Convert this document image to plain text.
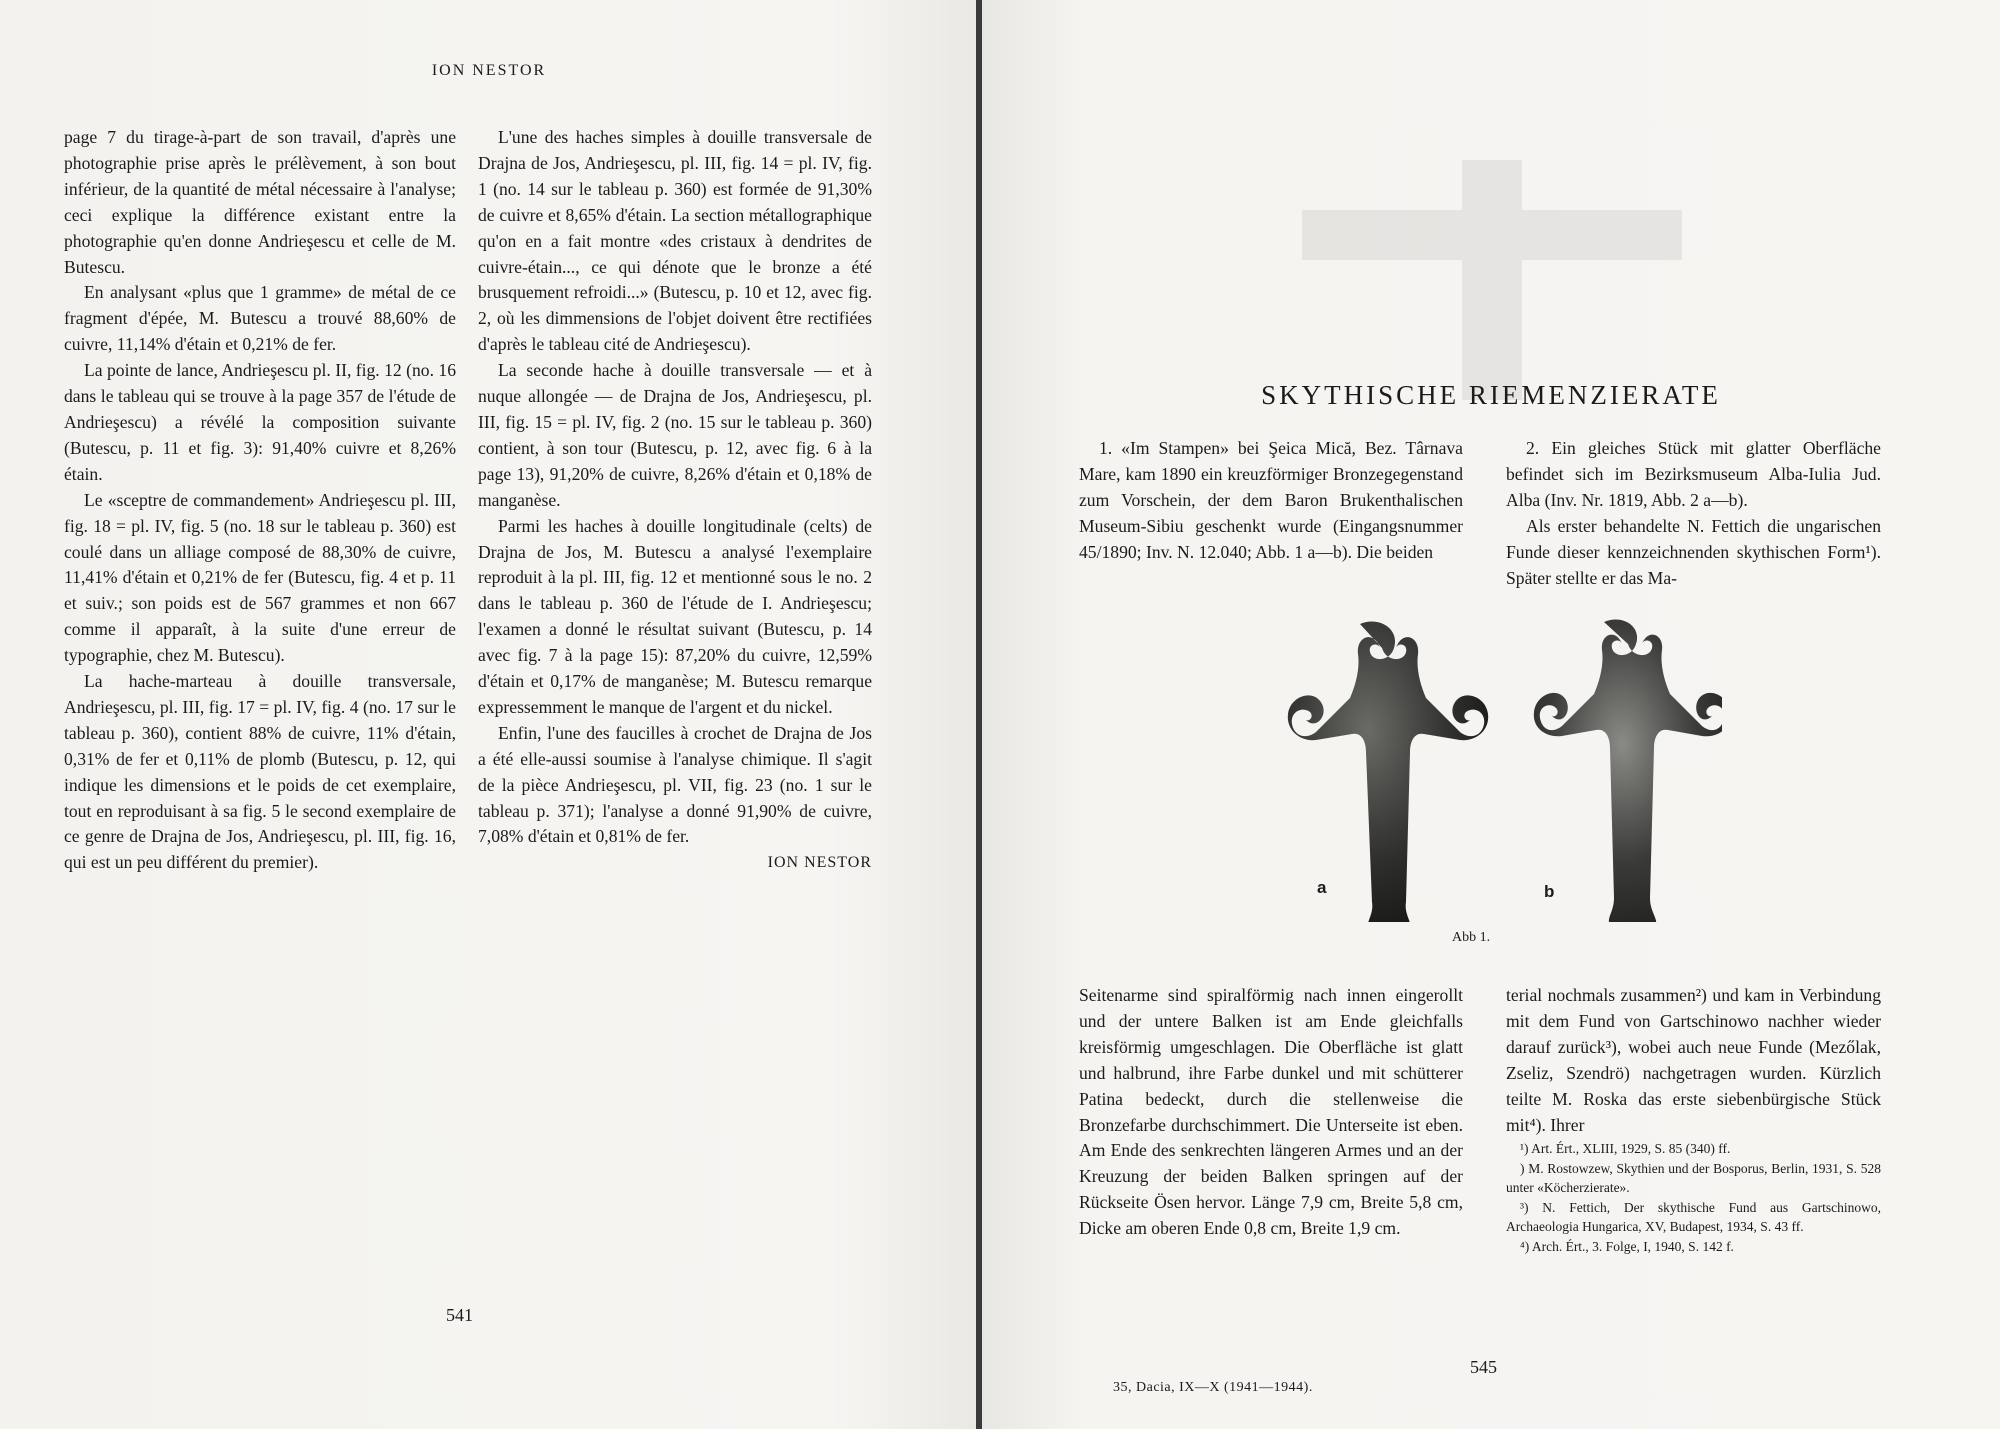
ION NESTOR

page 7 du tirage-à-part de son travail, d'après une photographie prise après le prélèvement, à son bout inférieur, de la quantité de métal nécessaire à l'analyse; ceci explique la différence existant entre la photographie qu'en donne Andrieşescu et celle de M. Butescu.

En analysant «plus que 1 gramme» de métal de ce fragment d'épée, M. Butescu a trouvé 88,60% de cuivre, 11,14% d'étain et 0,21% de fer.

La pointe de lance, Andrieşescu pl. II, fig. 12 (no. 16 dans le tableau qui se trouve à la page 357 de l'étude de Andrieşescu) a révélé la composition suivante (Butescu, p. 11 et fig. 3): 91,40% cuivre et 8,26% étain.

Le «sceptre de commandement» Andrieşescu pl. III, fig. 18 = pl. IV, fig. 5 (no. 18 sur le tableau p. 360) est coulé dans un alliage composé de 88,30% de cuivre, 11,41% d'étain et 0,21% de fer (Butescu, fig. 4 et p. 11 et suiv.; son poids est de 567 grammes et non 667 comme il apparaît, à la suite d'une erreur de typographie, chez M. Butescu).

La hache-marteau à douille transversale, Andrieşescu, pl. III, fig. 17 = pl. IV, fig. 4 (no. 17 sur le tableau p. 360), contient 88% de cuivre, 11% d'étain, 0,31% de fer et 0,11% de plomb (Butescu, p. 12, qui indique les dimensions et le poids de cet exemplaire, tout en reproduisant à sa fig. 5 le second exemplaire de ce genre de Drajna de Jos, Andrieşescu, pl. III, fig. 16, qui est un peu différent du premier).

L'une des haches simples à douille transversale de Drajna de Jos, Andrieşescu, pl. III, fig. 14 = pl. IV, fig. 1 (no. 14 sur le tableau p. 360) est formée de 91,30% de cuivre et 8,65% d'étain. La section métallographique qu'on en a fait montre «des cristaux à dendrites de cuivre-étain..., ce qui dénote que le bronze a été brusquement refroidi...» (Butescu, p. 10 et 12, avec fig. 2, où les dimmensions de l'objet doivent être rectifiées d'après le tableau cité de Andrieşescu).

La seconde hache à douille transversale — et à nuque allongée — de Drajna de Jos, Andrieşescu, pl. III, fig. 15 = pl. IV, fig. 2 (no. 15 sur le tableau p. 360) contient, à son tour (Butescu, p. 12, avec fig. 6 à la page 13), 91,20% de cuivre, 8,26% d'étain et 0,18% de manganèse.

Parmi les haches à douille longitudinale (celts) de Drajna de Jos, M. Butescu a analysé l'exemplaire reproduit à la pl. III, fig. 12 et mentionné sous le no. 2 dans le tableau p. 360 de l'étude de I. Andrieşescu; l'examen a donné le résultat suivant (Butescu, p. 14 avec fig. 7 à la page 15): 87,20% du cuivre, 12,59% d'étain et 0,17% de manganèse; M. Butescu remarque expressemment le manque de l'argent et du nickel.

Enfin, l'une des faucilles à crochet de Drajna de Jos a été elle-aussi soumise à l'analyse chimique. Il s'agit de la pièce Andrieşescu, pl. VII, fig. 23 (no. 1 sur le tableau p. 371); l'analyse a donné 91,90% de cuivre, 7,08% d'étain et 0,81% de fer.

ION NESTOR
541
SKYTHISCHE RIEMENZIERATE

1. «Im Stampen» bei Şeica Mică, Bez. Târnava Mare, kam 1890 ein kreuzförmiger Bronzegegenstand zum Vorschein, der dem Baron Brukenthalischen Museum-Sibiu geschenkt wurde (Eingangsnummer 45/1890; Inv. N. 12.040; Abb. 1 a—b). Die beiden

2. Ein gleiches Stück mit glatter Oberfläche befindet sich im Bezirksmuseum Alba-Iulia Jud. Alba (Inv. Nr. 1819, Abb. 2 a—b).

Als erster behandelte N. Fettich die ungarischen Funde dieser kennzeichnenden skythischen Form¹). Später stellte er das Ma-

a	b
Abb 1.

Seitenarme sind spiralförmig nach innen eingerollt und der untere Balken ist am Ende gleichfalls kreisförmig umgeschlagen. Die Oberfläche ist glatt und halbrund, ihre Farbe dunkel und mit schütterer Patina bedeckt, durch die stellenweise die Bronzefarbe durchschimmert. Die Unterseite ist eben. Am Ende des senkrechten längeren Armes und an der Kreuzung der beiden Balken springen auf der Rückseite Ösen hervor. Länge 7,9 cm, Breite 5,8 cm, Dicke am oberen Ende 0,8 cm, Breite 1,9 cm.

terial nochmals zusammen²) und kam in Verbindung mit dem Fund von Gartschinowo nachher wieder darauf zurück³), wobei auch neue Funde (Mezőlak, Zseliz, Szendrö) nachgetragen wurden. Kürzlich teilte M. Roska das erste siebenbürgische Stück mit⁴). Ihrer

¹) Art. Ért., XLIII, 1929, S. 85 (340) ff.

) M. Rostowzew, Skythien und der Bosporus, Berlin, 1931, S. 528 unter «Köcherzierate».

³) N. Fettich, Der skythische Fund aus Gartschinowo, Archaeologia Hungarica, XV, Budapest, 1934, S. 43 ff.

⁴) Arch. Ért., 3. Folge, I, 1940, S. 142 f.

545
35, Dacia, IX—X (1941—1944).
